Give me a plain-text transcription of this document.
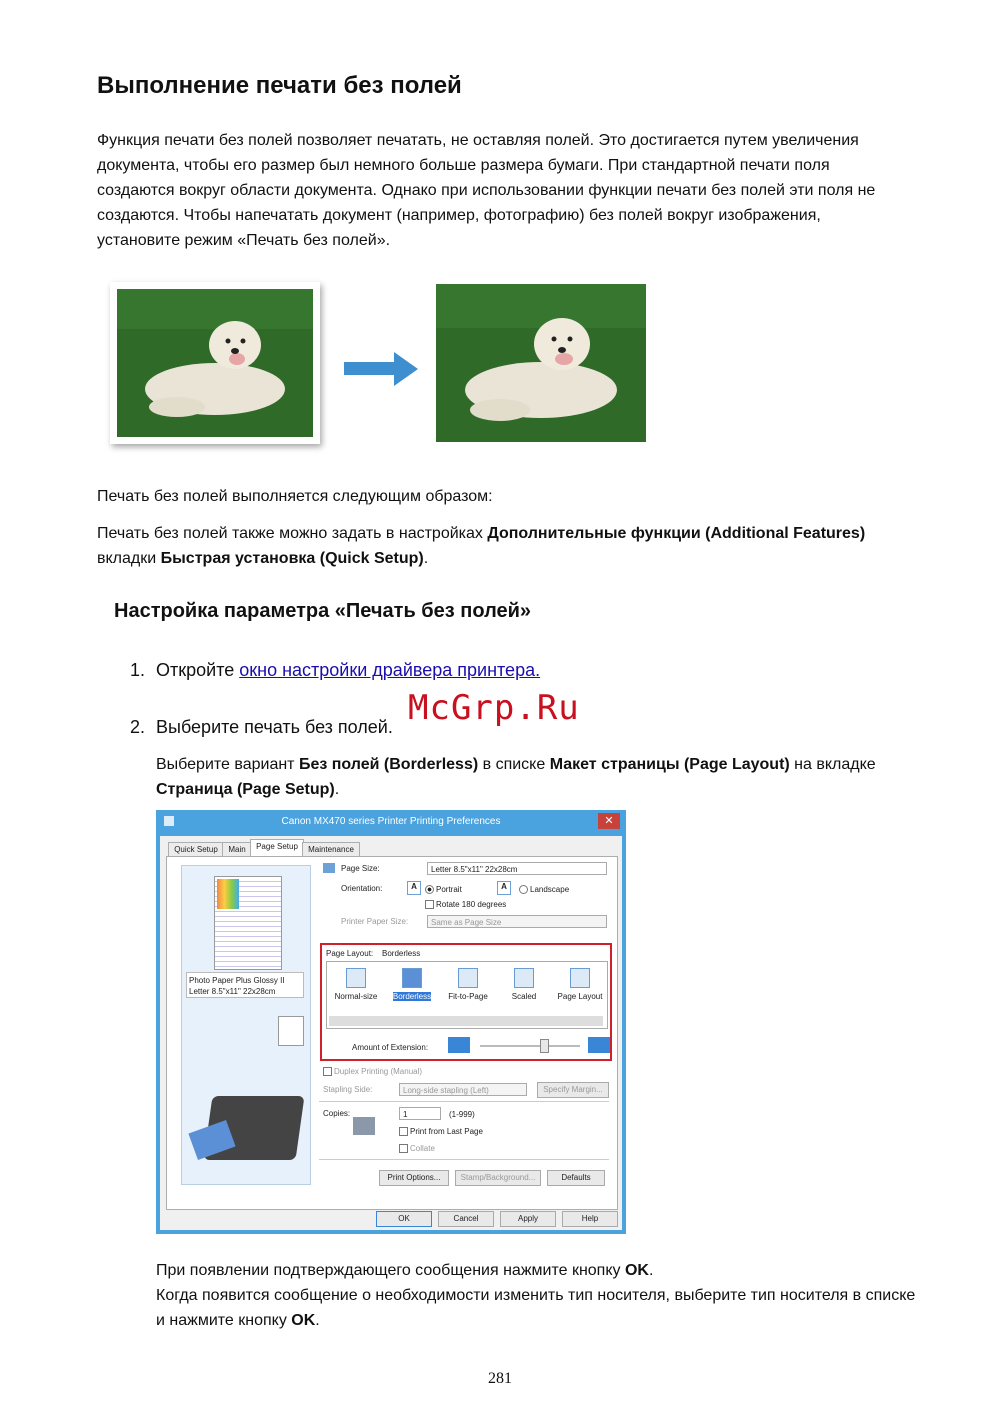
Выполнение печати без полей
Функция печати без полей позволяет печатать, не оставляя полей. Это достигается путем увеличения документа, чтобы его размер был немного больше размера бумаги. При стандартной печати поля создаются вокруг области документа. Однако при использовании функции печати без полей эти поля не создаются. Чтобы напечатать документ (например, фотографию) без полей вокруг изображения, установите режим «Печать без полей».
Печать без полей выполняется следующим образом:
Печать без полей также можно задать в настройках Дополнительные функции (Additional Features) вкладки Быстрая установка (Quick Setup).
Настройка параметра «Печать без полей»
1. Откройте окно настройки драйвера принтера.
2. Выберите печать без полей. McGrp.Ru
Выберите вариант Без полей (Borderless) в списке Макет страницы (Page Layout) на вкладке Страница (Page Setup).
Canon MX470 series Printer Printing Preferences	✕
Quick Setup	Main	Page Setup	Maintenance
Photo Paper Plus Glossy II
Letter 8.5"x11" 22x28cm
Page Size:	Letter 8.5"x11" 22x28cm
Orientation:	A	Portrait	A	Landscape
Rotate 180 degrees
Printer Paper Size:	Same as Page Size
Page Layout: Borderless
Normal-size	Borderless	Fit-to-Page	Scaled	Page Layout
Amount of Extension:
Duplex Printing (Manual)
Stapling Side:	Long-side stapling (Left)	Specify Margin...
Copies:	1	(1-999)
Print from Last Page
Collate
Print Options...	Stamp/Background...	Defaults
OK	Cancel	Apply	Help
При появлении подтверждающего сообщения нажмите кнопку OK.
Когда появится сообщение о необходимости изменить тип носителя, выберите тип носителя в списке и нажмите кнопку OK.
281
